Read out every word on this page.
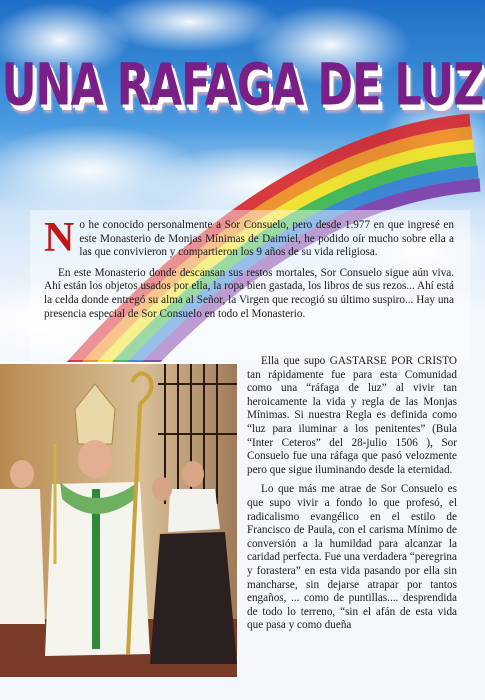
UNA RAFAGA DE LUZ

No he conocido personalmente a Sor Consuelo, pero desde 1.977 en que ingresé en este Monasterio de Monjas Mínimas de Daimiel, he podido oír mucho sobre ella a las que convivieron y compartieron los 9 años de su vida religiosa.

En este Monasterio donde descansan sus restos mortales, Sor Consuelo sigue aún viva. Ahí están los objetos usados por ella, la ropa bien gastada, los libros de sus rezos... Ahí está la celda donde entregó su alma al Señor, la Virgen que recogió su último suspiro... Hay una presencia especial de Sor Consuelo en todo el Monasterio.

Ella que supo GASTARSE POR CRISTO tan rápidamente fue para esta Comunidad como una “ráfaga de luz” al vivir tan heroicamente la vida y regla de las Monjas Mínimas. Si nuestra Regla es definida como “luz para iluminar a los penitentes” (Bula “Inter Ceteros” del 28-julio 1506 ), Sor Consuelo fue una ráfaga que pasó velozmente pero que sigue iluminando desde la eternidad.

Lo que más me atrae de Sor Consuelo es que supo vivir a fondo lo que profesó, el radicalismo evangélico en el estilo de Francisco de Paula, con el carisma Mínimo de conversión a la humildad para alcanzar la caridad perfecta. Fue una verdadera “peregrina y forastera” en esta vida pasando por ella sin mancharse, sin dejarse atrapar por tantos engaños, ... como de puntillas.... desprendida de todo lo terreno, “sin el afán de esta vida que pasa y como dueña
